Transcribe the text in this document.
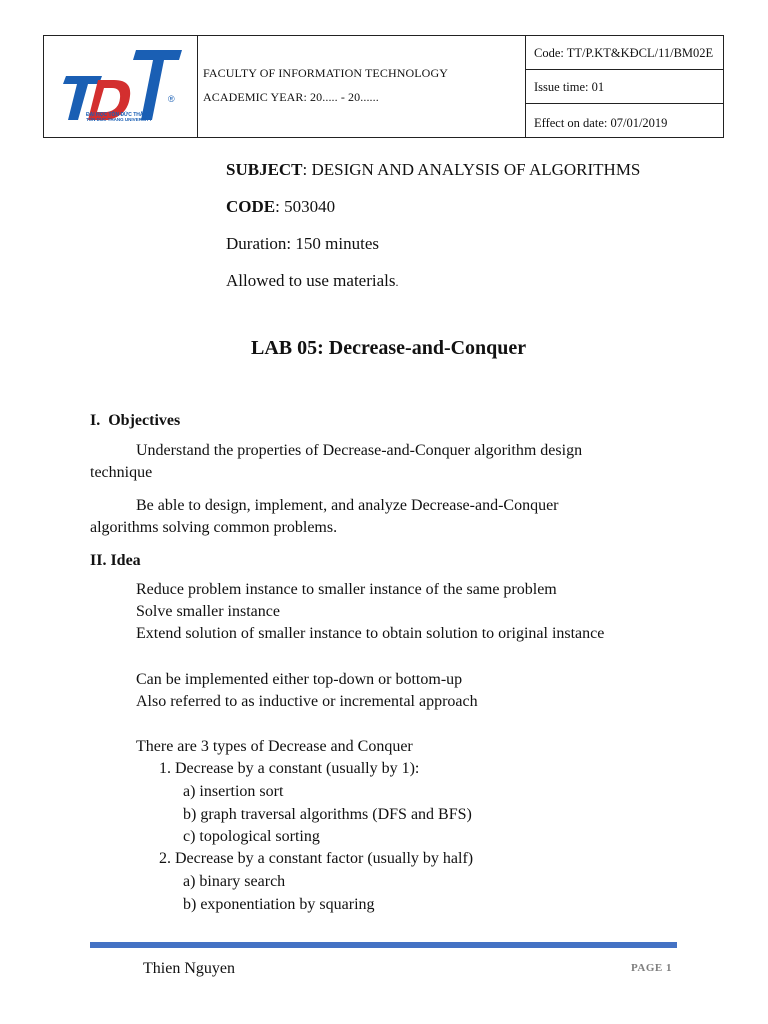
®
ĐẠI HỌC TÔN ĐỨC THẮNG
TON DUC THANG UNIVERSITY
FACULTY OF INFORMATION TECHNOLOGY
ACADEMIC YEAR: 20..... - 20......
Code: TT/P.KT&KĐCL/11/BM02E
Issue time: 01
Effect on date: 07/01/2019
SUBJECT: DESIGN AND ANALYSIS OF ALGORITHMS
CODE: 503040
Duration: 150 minutes
Allowed to use materials.
LAB 05: Decrease-and-Conquer
I. Objectives
Understand the properties of Decrease-and-Conquer algorithm design
technique
Be able to design, implement, and analyze Decrease-and-Conquer
algorithms solving common problems.
II. Idea
Reduce problem instance to smaller instance of the same problem
Solve smaller instance
Extend solution of smaller instance to obtain solution to original instance
Can be implemented either top-down or bottom-up
Also referred to as inductive or incremental approach
There are 3 types of Decrease and Conquer
1. Decrease by a constant (usually by 1):
a) insertion sort
b) graph traversal algorithms (DFS and BFS)
c) topological sorting
2. Decrease by a constant factor (usually by half)
a) binary search
b) exponentiation by squaring
Thien Nguyen	PAGE 1
